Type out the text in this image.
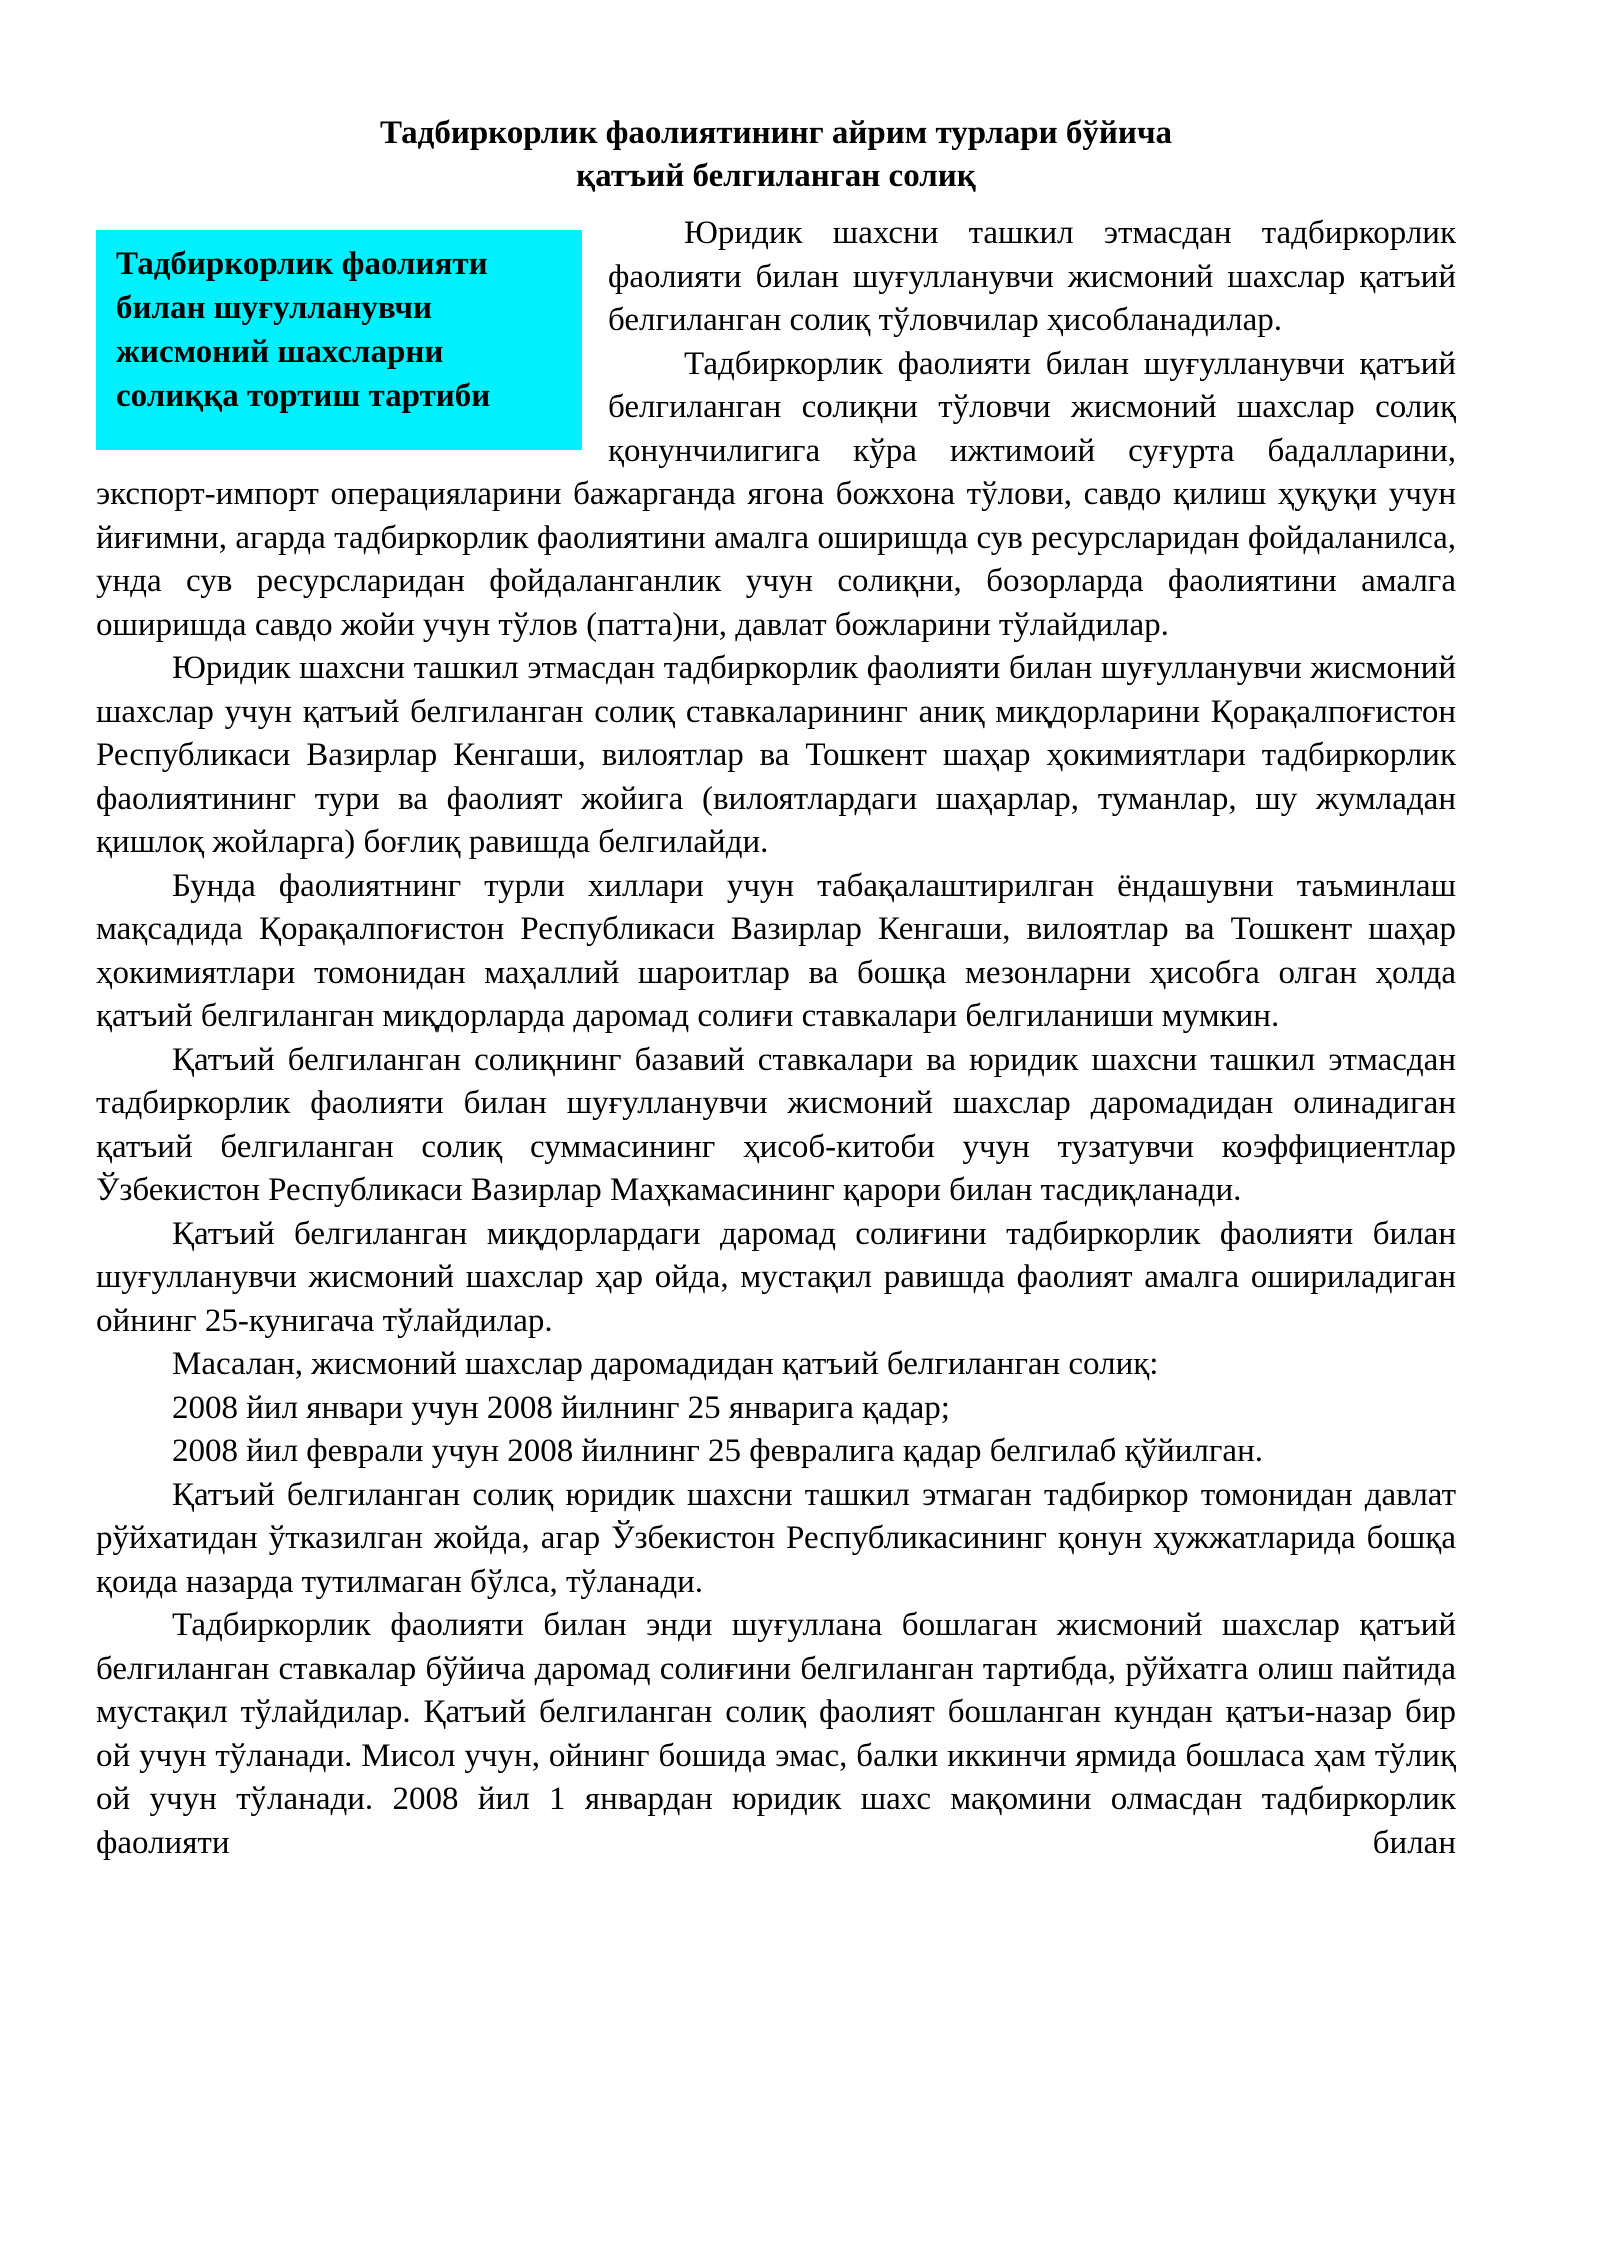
Тадбиркорлик фаолиятининг айрим турлари бўйича
қатъий белгиланган солиқ
Тадбиркорлик фаолияти
билан шуғулланувчи
жисмоний шахсларни
солиққа тортиш тартиби

Юридик шахсни ташкил этмасдан тадбиркорлик фаолияти билан шуғулланувчи жисмоний шахслар қатъий белгиланган солиқ тўловчилар ҳисобланадилар.

Тадбиркорлик фаолияти билан шуғулланувчи қатъий белгиланган солиқни тўловчи жисмоний шахслар солиқ қонунчилигига кўра ижтимоий суғурта бадалларини, экспорт-импорт операцияларини бажарганда ягона божхона тўлови, савдо қилиш ҳуқуқи учун йиғимни, агарда тадбиркорлик фаолиятини амалга оширишда сув ресурсларидан фойдаланилса, унда сув ресурсларидан фойдаланганлик учун солиқни, бозорларда фаолиятини амалга оширишда савдо жойи учун тўлов (патта)ни, давлат божларини тўлайдилар.

Юридик шахсни ташкил этмасдан тадбиркорлик фаолияти билан шуғулланувчи жисмоний шахслар учун қатъий белгиланган солиқ ставкаларининг аниқ миқдорларини Қорақалпоғистон Республикаси Вазирлар Кенгаши, вилоятлар ва Тошкент шаҳар ҳокимиятлари тадбиркорлик фаолиятининг тури ва фаолият жойига (вилоятлардаги шаҳарлар, туманлар, шу жумладан қишлоқ жойларга) боғлиқ равишда белгилайди.

Бунда фаолиятнинг турли хиллари учун табақалаштирилган ёндашувни таъминлаш мақсадида Қорақалпоғистон Республикаси Вазирлар Кенгаши, вилоятлар ва Тошкент шаҳар ҳокимиятлари томонидан маҳаллий шароитлар ва бошқа мезонларни ҳисобга олган ҳолда қатъий белгиланган миқдорларда даромад солиғи ставкалари белгиланиши мумкин.

Қатъий белгиланган солиқнинг базавий ставкалари ва юридик шахсни ташкил этмасдан тадбиркорлик фаолияти билан шуғулланувчи жисмоний шахслар даромадидан олинадиган қатъий белгиланган солиқ суммасининг ҳисоб-китоби учун тузатувчи коэффициентлар Ўзбекистон Республикаси Вазирлар Маҳкамасининг қарори билан тасдиқланади.

Қатъий белгиланган миқдорлардаги даромад солиғини тадбиркорлик фаолияти билан шуғулланувчи жисмоний шахслар ҳар ойда, мустақил равишда фаолият амалга ошириладиган ойнинг 25-кунигача тўлайдилар.

Масалан, жисмоний шахслар даромадидан қатъий белгиланган солиқ:

2008 йил январи учун 2008 йилнинг 25 январига қадар;

2008 йил феврали учун 2008 йилнинг 25 февралига қадар белгилаб қўйилган.

Қатъий белгиланган солиқ юридик шахсни ташкил этмаган тадбиркор томонидан давлат рўйхатидан ўтказилган жойда, агар Ўзбекистон Республикасининг қонун ҳужжатларида бошқа қоида назарда тутилмаган бўлса, тўланади.

Тадбиркорлик фаолияти билан энди шуғуллана бошлаган жисмоний шахслар қатъий белгиланган ставкалар бўйича даромад солиғини белгиланган тартибда, рўйхатга олиш пайтида мустақил тўлайдилар. Қатъий белгиланган солиқ фаолият бошланган кундан қатъи-назар бир ой учун тўланади. Мисол учун, ойнинг бошида эмас, балки иккинчи ярмида бошласа ҳам тўлиқ ой учун тўланади. 2008 йил 1 январдан юридик шахс мақомини олмасдан тадбиркорлик фаолияти билан
